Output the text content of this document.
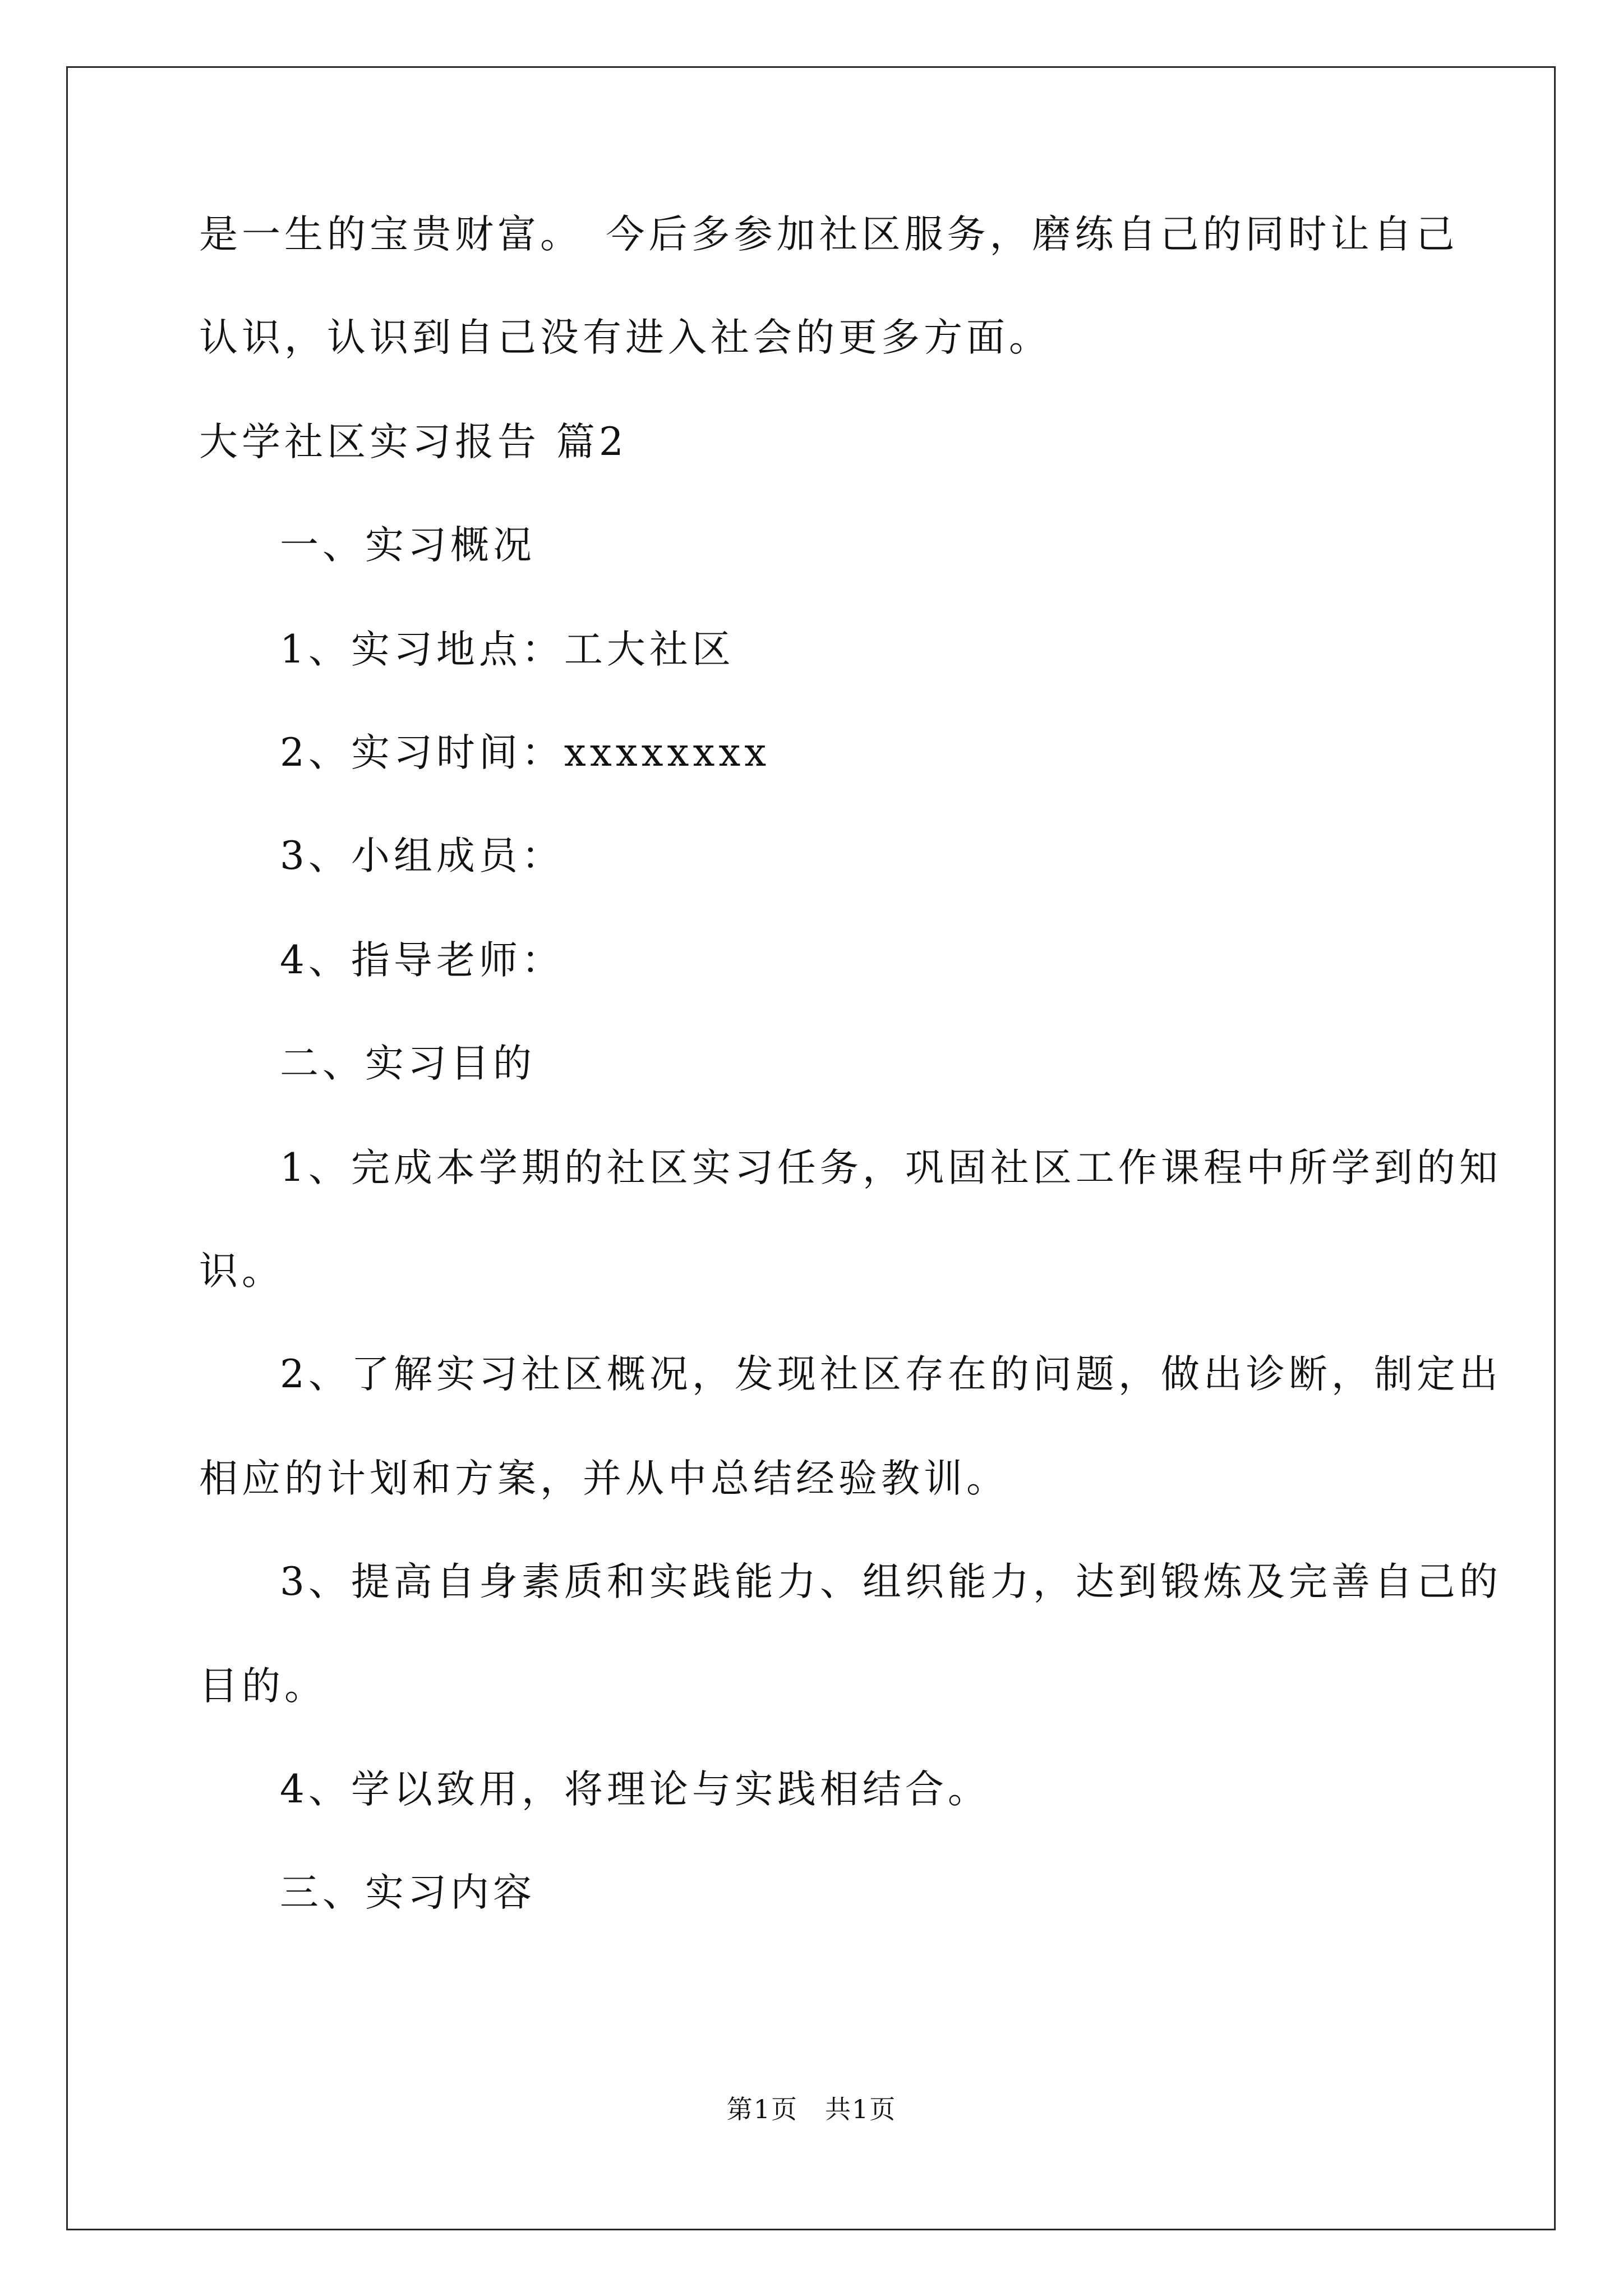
是一生的宝贵财富。　今后多参加社区服务，磨练自己的同时让自己
认识，认识到自己没有进入社会的更多方面。
大学社区实习报告 篇2
一、实习概况
1、实习地点：工大社区
2、实习时间：xxxxxxxx
3、小组成员：
4、指导老师：
二、实习目的
1、完成本学期的社区实习任务，巩固社区工作课程中所学到的知
识。
2、了解实习社区概况，发现社区存在的问题，做出诊断，制定出
相应的计划和方案，并从中总结经验教训。
3、提高自身素质和实践能力、组织能力，达到锻炼及完善自己的
目的。
4、学以致用，将理论与实践相结合。
三、实习内容
第1页　共1页
